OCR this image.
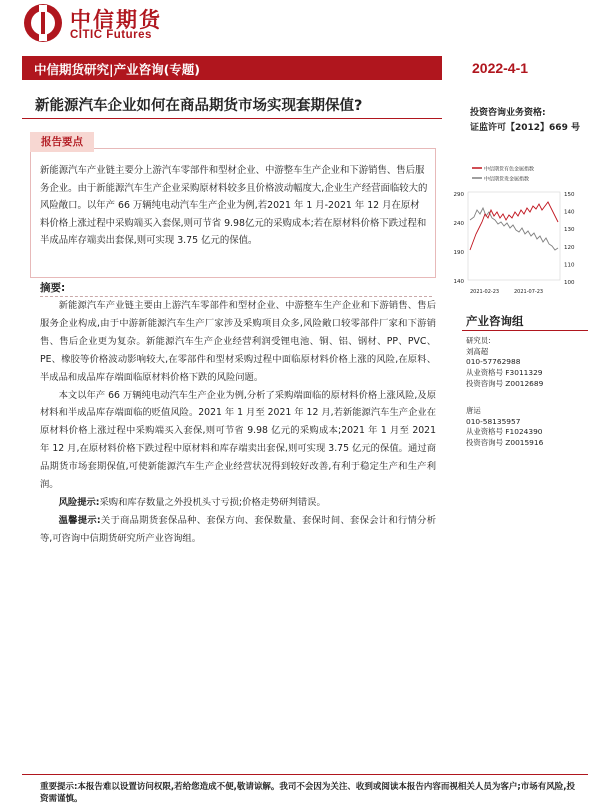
中信期货
CITIC Futures
中信期货研究|产业咨询(专题)	2022-4-1
新能源汽车企业如何在商品期货市场实现套期保值?	投资咨询业务资格:
证监许可【2012】669 号
报告要点
新能源汽车产业链主要分上游汽车零部件和型材企业、中游整车生产企业和下游销售、售后服务企业。由于新能源汽车生产企业采购原材料较多且价格波动幅度大,企业生产经营面临较大的风险敞口。以年产 66 万辆纯电动汽车生产企业为例,若2021 年 1 月-2021 年 12 月在原材料价格上涨过程中采购端买入套保,则可节省 9.98亿元的采购成本;若在原材料价格下跌过程和半成品库存端卖出套保,则可实现 3.75 亿元的保值。
中信期货有色金属指数
中信期货贵金属指数
290
240
190
140
150
140
130
120
110
100
2021-02-23	2021-07-23
摘要:

新能源汽车产业链主要由上游汽车零部件和型材企业、中游整车生产企业和下游销售、售后服务企业构成,由于中游新能源汽车生产厂家涉及采购项目众多,风险敞口较零部件厂家和下游销售、售后企业更为复杂。新能源汽车生产企业经营利润受锂电池、铜、铝、钢材、PP、PVC、PE、橡胶等价格波动影响较大,在零部件和型材采购过程中面临原材料价格上涨的风险,在原料、半成品和成品库存端面临原材料价格下跌的风险问题。

本文以年产 66 万辆纯电动汽车生产企业为例,分析了采购端面临的原材料价格上涨风险,及原材料和半成品库存端面临的贬值风险。2021 年 1 月至 2021 年 12 月,若新能源汽车生产企业在原材料价格上涨过程中采购端买入套保,则可节省 9.98 亿元的采购成本;2021 年 1 月至 2021 年 12 月,在原材料价格下跌过程中原材料和库存端卖出套保,则可实现 3.75 亿元的保值。通过商品期货市场套期保值,可使新能源汽车生产企业经营状况得到较好改善,有利于稳定生产和生产利润。

风险提示:采购和库存数量之外投机头寸亏损;价格走势研判错误。

温馨提示:关于商品期货套保品种、套保方向、套保数量、套保时间、套保会计和行情分析等,可咨询中信期货研究所产业咨询组。

产业咨询组
研究员:
刘高超
010-57762988
从业资格号 F3011329
投资咨询号 Z0012689
唐运
010-58135957
从业资格号 F1024390
投资咨询号 Z0015916
重要提示:本报告难以设置访问权限,若给您造成不便,敬请谅解。我司不会因为关注、收到或阅读本报告内容而视相关人员为客户;市场有风险,投资需谨慎。
